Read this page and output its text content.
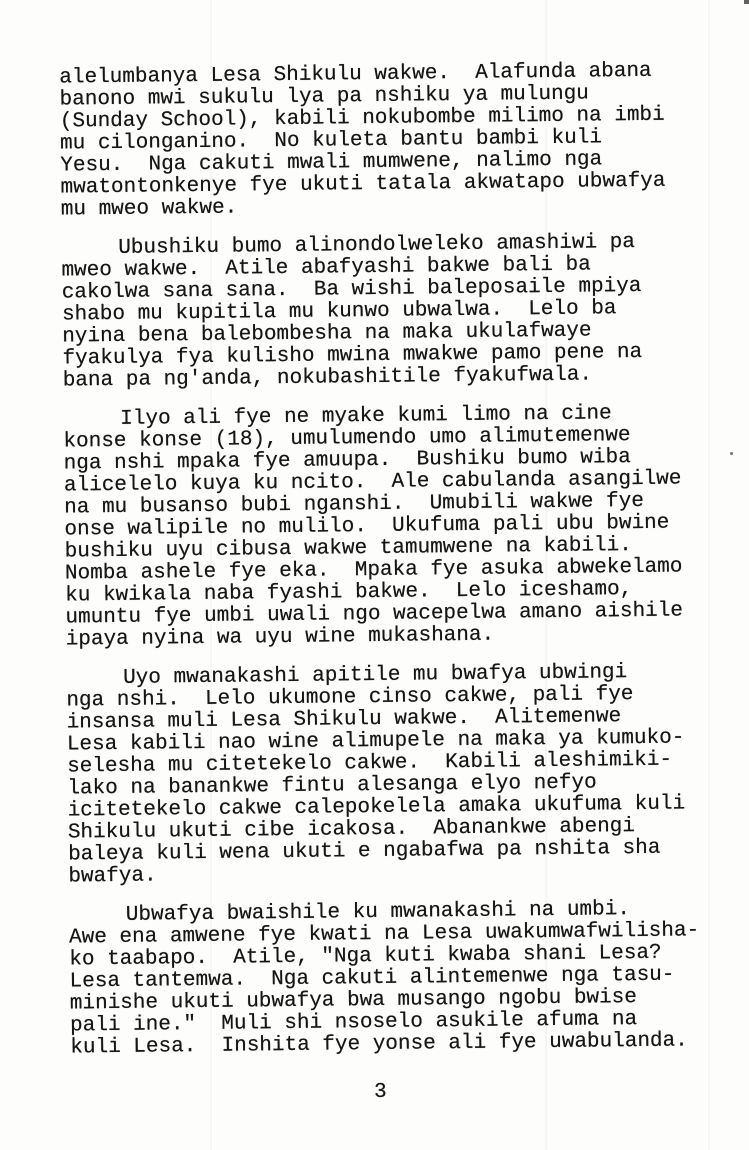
alelumbanya Lesa Shikulu wakwe.  Alafunda abana
banono mwi sukulu lya pa nshiku ya mulungu
(Sunday School), kabili nokubombe milimo na imbi
mu cilonganino.  No kuleta bantu bambi kuli
Yesu.  Nga cakuti mwali mumwene, nalimo nga
mwatontonkenye fye ukuti tatala akwatapo ubwafya
mu mweo wakwe.

Ubushiku bumo alinondolweleko amashiwi pa
mweo wakwe.  Atile abafyashi bakwe bali ba
cakolwa sana sana.  Ba wishi baleposaile mpiya
shabo mu kupitila mu kunwo ubwalwa.  Lelo ba
nyina bena balebombesha na maka ukulafwaye
fyakulya fya kulisho mwina mwakwe pamo pene na
bana pa ng'anda, nokubashitile fyakufwala.

Ilyo ali fye ne myake kumi limo na cine
konse konse (18), umulumendo umo alimutemenwe
nga nshi mpaka fye amuupa.  Bushiku bumo wiba
alicelelo kuya ku ncito.  Ale cabulanda asangilwe
na mu busanso bubi nganshi.  Umubili wakwe fye
onse walipile no mulilo.  Ukufuma pali ubu bwine
bushiku uyu cibusa wakwe tamumwene na kabili.
Nomba ashele fye eka.  Mpaka fye asuka abwekelamo
ku kwikala naba fyashi bakwe.  Lelo iceshamo,
umuntu fye umbi uwali ngo wacepelwa amano aishile
ipaya nyina wa uyu wine mukashana.

Uyo mwanakashi apitile mu bwafya ubwingi
nga nshi.  Lelo ukumone cinso cakwe, pali fye
insansa muli Lesa Shikulu wakwe.  Alitemenwe
Lesa kabili nao wine alimupele na maka ya kumuko-
selesha mu citetekelo cakwe.  Kabili aleshimiki-
lako na banankwe fintu alesanga elyo nefyo
icitetekelo cakwe calepokelela amaka ukufuma kuli
Shikulu ukuti cibe icakosa.  Abanankwe abengi
baleya kuli wena ukuti e ngabafwa pa nshita sha
bwafya.

Ubwafya bwaishile ku mwanakashi na umbi.
Awe ena amwene fye kwati na Lesa uwakumwafwilisha-
ko taabapo.  Atile, "Nga kuti kwaba shani Lesa?
Lesa tantemwa.  Nga cakuti alintemenwe nga tasu-
minishe ukuti ubwafya bwa musango ngobu bwise
pali ine."  Muli shi nsoselo asukile afuma na
kuli Lesa.  Inshita fye yonse ali fye uwabulanda.

3
